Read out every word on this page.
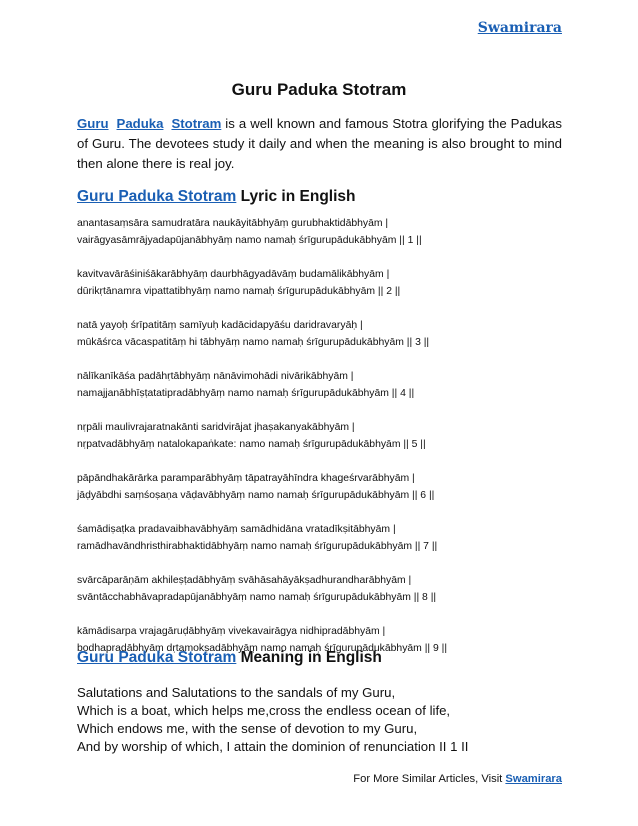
Swamirara
Guru Paduka Stotram

Guru Paduka Stotram is a well known and famous Stotra glorifying the Padukas of Guru. The devotees study it daily and when the meaning is also brought to mind then alone there is real joy.

Guru Paduka Stotram Lyric in English
anantasaṃsāra samudratāra naukāyitābhyāṃ gurubhaktidābhyām |
vairāgyasāmrājyadapūjanābhyāṃ namo namaḥ śrīgurupādukābhyām || 1 ||
kavitvavārāśiniśākarābhyāṃ daurbhāgyadāvāṃ budamālikābhyām |
dūrikṛtānamra vipattatibhyāṃ namo namaḥ śrīgurupādukābhyām || 2 ||
natā yayoḥ śrīpatitāṃ samīyuḥ kadācidapyāśu daridravaryāḥ |
mūkāśrca vācaspatitāṃ hi tābhyāṃ namo namaḥ śrīgurupādukābhyām || 3 ||
nālīkanīkāśa padāhṛtābhyāṃ nānāvimohādi nivārikābhyām |
namajjanābhīṣṭatatipradābhyāṃ namo namaḥ śrīgurupādukābhyām || 4 ||
nṛpāli maulivrajaratnakānti saridvirājat jhaṣakanyakābhyām |
nṛpatvadābhyāṃ natalokapaṅkate: namo namaḥ śrīgurupādukābhyām || 5 ||
pāpāndhakārārka paramparābhyāṃ tāpatrayāhīndra khageśrvarābhyām |
jāḍyābdhi saṃśoṣaṇa vāḍavābhyāṃ namo namaḥ śrīgurupādukābhyām || 6 ||
śamādiṣaṭka pradavaibhavābhyāṃ samādhidāna vratadīkṣitābhyām |
ramādhavāndhristhirabhaktidābhyāṃ namo namaḥ śrīgurupādukābhyām || 7 ||
svārcāparāṇām akhileṣṭadābhyāṃ svāhāsahāyākṣadhurandharābhyām |
svāntācchabhāvapradapūjanābhyāṃ namo namaḥ śrīgurupādukābhyām || 8 ||
kāmādisarpa vrajagāruḍābhyāṃ vivekavairāgya nidhipradābhyām |
bodhapradābhyāṃ dṛtamokṣadābhyāṃ namo namaḥ śrīgurupādukābhyām || 9 ||
Guru Paduka Stotram Meaning in English
Salutations and Salutations to the sandals of my Guru,
Which is a boat, which helps me,cross the endless ocean of life,
Which endows me, with the sense of devotion to my Guru,
And by worship of which, I attain the dominion of renunciation II 1 II
For More Similar Articles, Visit Swamirara
